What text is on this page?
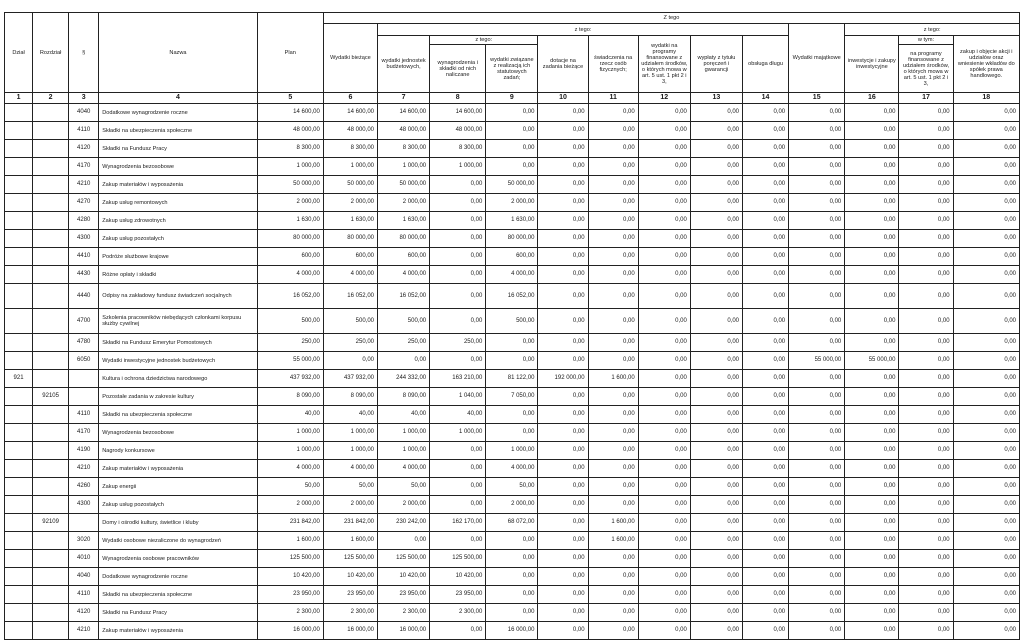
Dział	Rozdział	§	Nazwa	Plan	Z tego												
					Wydatki bieżące	z tego:								Wydatki majątkowe	z tego:		
						wydatki jednostek budżetowych,	z tego:		dotacje na zadania bieżące	świadczenia na rzecz osób fizycznych;	wydatki na programy finansowane z udziałem środków, o których mowa w art. 5 ust. 1 pkt 2 i 3,	wypłaty z tytułu poręczeń i gwarancji	obsługa długu		inwestycje i zakupy inwestycyjne	w tym:	zakup i objęcie akcji i udziałów oraz wniesienie wkładów do spółek prawa handlowego.
							wynagrodzenia i składki od nich naliczane	wydatki związane z realizacją ich statutowych zadań;								na programy finansowane z udziałem środków, o których mowa w art. 5 ust. 1 pkt 2 i 3,	
1	2	3	4	5	6	7	8	9	10	11	12	13	14	15	16	17	18
		4040	Dodatkowe wynagrodzenie roczne	14 600,00	14 600,00	14 600,00	14 600,00	0,00	0,00	0,00	0,00	0,00	0,00	0,00	0,00	0,00	0,00
		4110	Składki na ubezpieczenia społeczne	48 000,00	48 000,00	48 000,00	48 000,00	0,00	0,00	0,00	0,00	0,00	0,00	0,00	0,00	0,00	0,00
		4120	Składki na Fundusz Pracy	8 300,00	8 300,00	8 300,00	8 300,00	0,00	0,00	0,00	0,00	0,00	0,00	0,00	0,00	0,00	0,00
		4170	Wynagrodzenia bezosobowe	1 000,00	1 000,00	1 000,00	1 000,00	0,00	0,00	0,00	0,00	0,00	0,00	0,00	0,00	0,00	0,00
		4210	Zakup materiałów i wyposażenia	50 000,00	50 000,00	50 000,00	0,00	50 000,00	0,00	0,00	0,00	0,00	0,00	0,00	0,00	0,00	0,00
		4270	Zakup usług remontowych	2 000,00	2 000,00	2 000,00	0,00	2 000,00	0,00	0,00	0,00	0,00	0,00	0,00	0,00	0,00	0,00
		4280	Zakup usług zdrowotnych	1 630,00	1 630,00	1 630,00	0,00	1 630,00	0,00	0,00	0,00	0,00	0,00	0,00	0,00	0,00	0,00
		4300	Zakup usług pozostałych	80 000,00	80 000,00	80 000,00	0,00	80 000,00	0,00	0,00	0,00	0,00	0,00	0,00	0,00	0,00	0,00
		4410	Podróże służbowe krajowe	600,00	600,00	600,00	0,00	600,00	0,00	0,00	0,00	0,00	0,00	0,00	0,00	0,00	0,00
		4430	Różne opłaty i składki	4 000,00	4 000,00	4 000,00	0,00	4 000,00	0,00	0,00	0,00	0,00	0,00	0,00	0,00	0,00	0,00
		4440	Odpisy na zakładowy fundusz świadczeń socjalnych	16 052,00	16 052,00	16 052,00	0,00	16 052,00	0,00	0,00	0,00	0,00	0,00	0,00	0,00	0,00	0,00
		4700	Szkolenia pracowników niebędących członkami korpusu służby cywilnej	500,00	500,00	500,00	0,00	500,00	0,00	0,00	0,00	0,00	0,00	0,00	0,00	0,00	0,00
		4780	Składki na Fundusz Emerytur Pomostowych	250,00	250,00	250,00	250,00	0,00	0,00	0,00	0,00	0,00	0,00	0,00	0,00	0,00	0,00
		6050	Wydatki inwestycyjne jednostek budżetowych	55 000,00	0,00	0,00	0,00	0,00	0,00	0,00	0,00	0,00	0,00	55 000,00	55 000,00	0,00	0,00
921			Kultura i ochrona dziedzictwa narodowego	437 932,00	437 932,00	244 332,00	163 210,00	81 122,00	192 000,00	1 600,00	0,00	0,00	0,00	0,00	0,00	0,00	0,00
	92105		Pozostałe zadania w zakresie kultury	8 090,00	8 090,00	8 090,00	1 040,00	7 050,00	0,00	0,00	0,00	0,00	0,00	0,00	0,00	0,00	0,00
		4110	Składki na ubezpieczenia społeczne	40,00	40,00	40,00	40,00	0,00	0,00	0,00	0,00	0,00	0,00	0,00	0,00	0,00	0,00
		4170	Wynagrodzenia bezosobowe	1 000,00	1 000,00	1 000,00	1 000,00	0,00	0,00	0,00	0,00	0,00	0,00	0,00	0,00	0,00	0,00
		4190	Nagrody konkursowe	1 000,00	1 000,00	1 000,00	0,00	1 000,00	0,00	0,00	0,00	0,00	0,00	0,00	0,00	0,00	0,00
		4210	Zakup materiałów i wyposażenia	4 000,00	4 000,00	4 000,00	0,00	4 000,00	0,00	0,00	0,00	0,00	0,00	0,00	0,00	0,00	0,00
		4260	Zakup energii	50,00	50,00	50,00	0,00	50,00	0,00	0,00	0,00	0,00	0,00	0,00	0,00	0,00	0,00
		4300	Zakup usług pozostałych	2 000,00	2 000,00	2 000,00	0,00	2 000,00	0,00	0,00	0,00	0,00	0,00	0,00	0,00	0,00	0,00
	92109		Domy i ośrodki kultury, świetlice i kluby	231 842,00	231 842,00	230 242,00	162 170,00	68 072,00	0,00	1 600,00	0,00	0,00	0,00	0,00	0,00	0,00	0,00
		3020	Wydatki osobowe niezaliczone do wynagrodzeń	1 600,00	1 600,00	0,00	0,00	0,00	0,00	1 600,00	0,00	0,00	0,00	0,00	0,00	0,00	0,00
		4010	Wynagrodzenia osobowe pracowników	125 500,00	125 500,00	125 500,00	125 500,00	0,00	0,00	0,00	0,00	0,00	0,00	0,00	0,00	0,00	0,00
		4040	Dodatkowe wynagrodzenie roczne	10 420,00	10 420,00	10 420,00	10 420,00	0,00	0,00	0,00	0,00	0,00	0,00	0,00	0,00	0,00	0,00
		4110	Składki na ubezpieczenia społeczne	23 950,00	23 950,00	23 950,00	23 950,00	0,00	0,00	0,00	0,00	0,00	0,00	0,00	0,00	0,00	0,00
		4120	Składki na Fundusz Pracy	2 300,00	2 300,00	2 300,00	2 300,00	0,00	0,00	0,00	0,00	0,00	0,00	0,00	0,00	0,00	0,00
		4210	Zakup materiałów i wyposażenia	16 000,00	16 000,00	16 000,00	0,00	16 000,00	0,00	0,00	0,00	0,00	0,00	0,00	0,00	0,00	0,00
